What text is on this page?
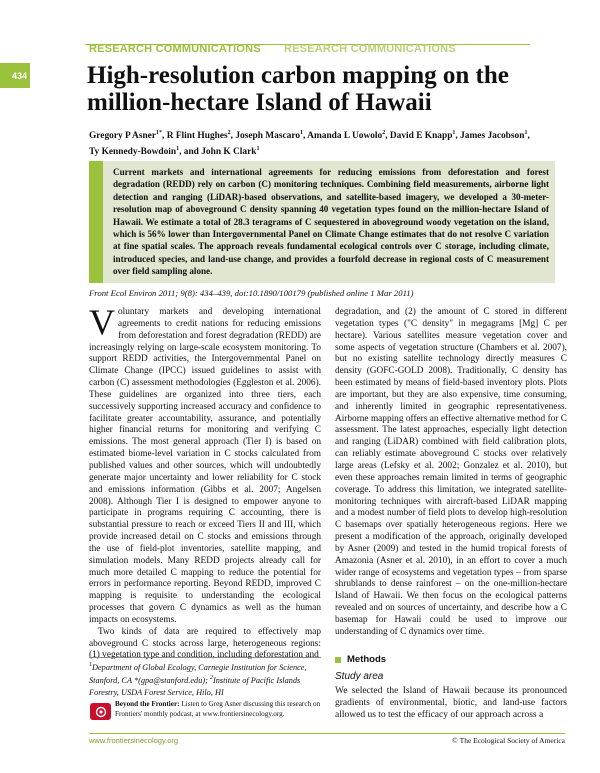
RESEARCH COMMUNICATIONS RESEARCH COMMUNICATIONS
434 High-resolution carbon mapping on the million-hectare Island of Hawaii
Gregory P Asner$^{1*}$, R Flint Hughes$^2$, Joseph Mascaro$^1$, Amanda L Uowolo$^2$, David E Knapp$^1$, James Jacobson$^1$,
Ty Kennedy-Bowdoin$^1$, and John K Clark$^1$
Current markets and international agreements for reducing emissions from deforestation and forest degradation (REDD) rely on carbon (C) monitoring techniques. Combining field measurements, airborne light detection and ranging (LiDAR)-based observations, and satellite-based imagery, we developed a 30-meter-resolution map of aboveground C density spanning 40 vegetation types found on the million-hectare Island of Hawaii. We estimate a total of 28.3 teragrams of C sequestered in aboveground woody vegetation on the island, which is 56% lower than Intergovernmental Panel on Climate Change estimates that do not resolve C variation at fine spatial scales. The approach reveals fundamental ecological controls over C storage, including climate, introduced species, and land-use change, and provides a fourfold decrease in regional costs of C measurement over field sampling alone.
Front Ecol Environ 2011; 9(8): 434–439, doi:10.1890/100179 (published online 1 Mar 2011)

Voluntary markets and developing international agreements to credit nations for reducing emissions from deforestation and forest degradation (REDD) are increasingly relying on large-scale ecosystem monitoring. To support REDD activities, the Intergovernmental Panel on Climate Change (IPCC) issued guidelines to assist with carbon (C) assessment methodologies (Eggleston et al. 2006). These guidelines are organized into three tiers, each successively supporting increased accuracy and confidence to facilitate greater accountability, assurance, and potentially higher financial returns for monitoring and verifying C emissions. The most general approach (Tier I) is based on estimated biome-level variation in C stocks calculated from published values and other sources, which will undoubtedly generate major uncertainty and lower reliability for C stock and emissions information (Gibbs et al. 2007; Angelsen 2008). Although Tier I is designed to empower anyone to participate in programs requiring C accounting, there is substantial pressure to reach or exceed Tiers II and III, which provide increased detail on C stocks and emissions through the use of field-plot inventories, satellite mapping, and simulation models. Many REDD projects already call for much more detailed C mapping to reduce the potential for errors in performance reporting. Beyond REDD, improved C mapping is requisite to understanding the ecological processes that govern C dynamics as well as the human impacts on ecosystems.

Two kinds of data are required to effectively map aboveground C stocks across large, heterogeneous regions: (1) vegetation type and condition, including deforestation and

degradation, and (2) the amount of C stored in different vegetation types ("C density" in megagrams [Mg] C per hectare). Various satellites measure vegetation cover and some aspects of vegetation structure (Chambers et al. 2007), but no existing satellite technology directly measures C density (GOFC-GOLD 2008). Traditionally, C density has been estimated by means of field-based inventory plots. Plots are important, but they are also expensive, time consuming, and inherently limited in geographic representativeness. Airborne mapping offers an effective alternative method for C assessment. The latest approaches, especially light detection and ranging (LiDAR) combined with field calibration plots, can reliably estimate aboveground C stocks over relatively large areas (Lefsky et al. 2002; Gonzalez et al. 2010), but even these approaches remain limited in terms of geographic coverage. To address this limitation, we integrated satellite-monitoring techniques with aircraft-based LiDAR mapping and a modest number of field plots to develop high-resolution C basemaps over spatially heterogeneous regions. Here we present a modification of the approach, originally developed by Asner (2009) and tested in the humid tropical forests of Amazonia (Asner et al. 2010), in an effort to cover a much wider range of ecosystems and vegetation types – from sparse shrublands to dense rainforest – on the one-million-hectare Island of Hawaii. We then focus on the ecological patterns revealed and on sources of uncertainty, and describe how a C basemap for Hawaii could be used to improve our understanding of C dynamics over time.

$^1$Department of Global Ecology, Carnegie Institution for Science, Stanford, CA *(gpa@stanford.edu); $^2$Institute of Pacific Islands Forestry, USDA Forest Service, Hilo, HI
Beyond the Frontier: Listen to Greg Asner discussing this research on Frontiers' monthly podcast, at www.frontiersinecology.org.
Methods
Study area
We selected the Island of Hawaii because its pronounced gradients of environmental, biotic, and land-use factors allowed us to test the efficacy of our approach across a
www.frontiersinecology.org	© The Ecological Society of America
